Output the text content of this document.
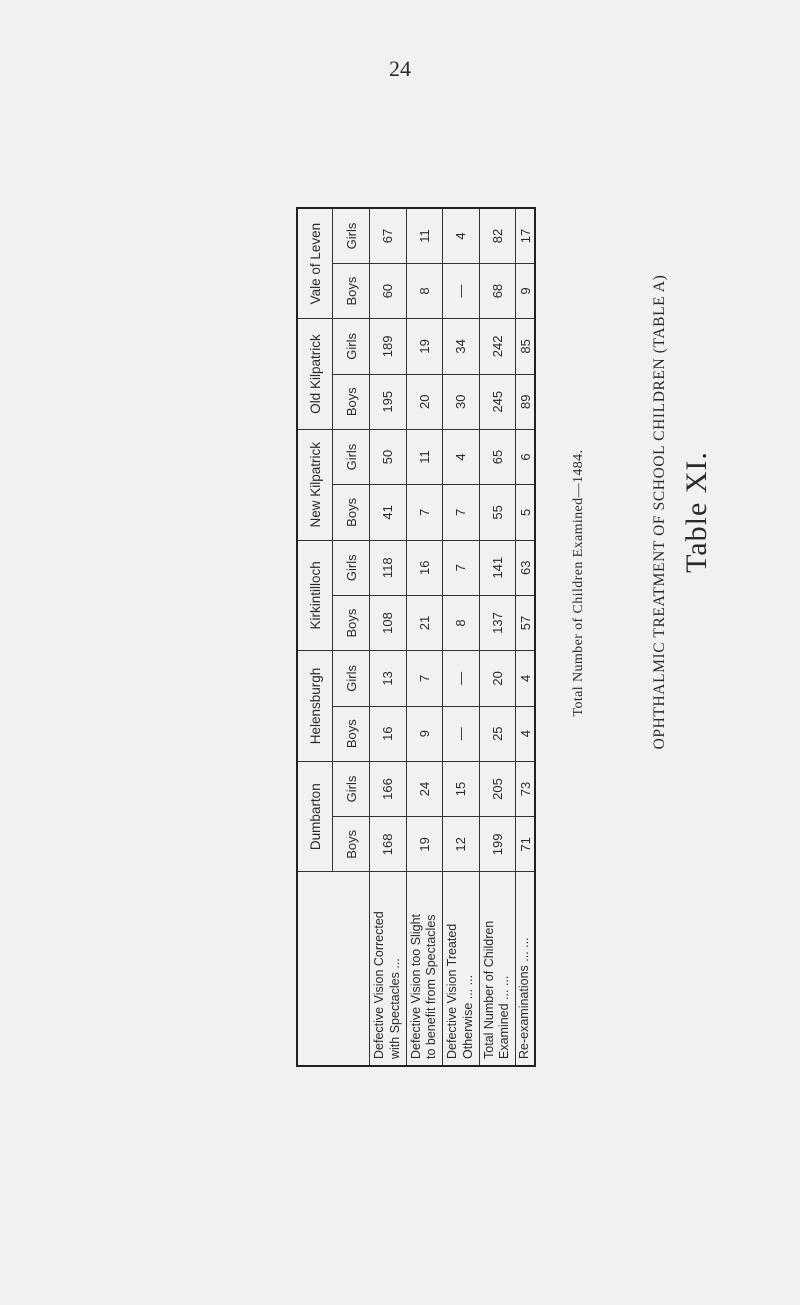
24
Table XI.
OPHTHALMIC TREATMENT OF SCHOOL CHILDREN (TABLE A)
Total Number of Children Examined—1484.
	Dumbarton		Helensburgh		Kirkintilloch		New Kilpatrick		Old Kilpatrick		Vale of Leven	
	Boys	Girls	Boys	Girls	Boys	Girls	Boys	Girls	Boys	Girls	Boys	Girls

Defective Vision Corrected with Spectacles ...	168	166	16	13	108	118	41	50	195	189	60	67

Defective Vision too Slight to benefit from Spectacles	19	24	9	7	21	16	7	11	20	19	8	11

Defective Vision Treated Otherwise ... ...	12	15	—	—	8	7	7	4	30	34	—	4

Total Number of Children Examined ... ...	199	205	25	20	137	141	55	65	245	242	68	82

Re-examinations ... ...	71	73	4	4	57	63	5	6	89	85	9	17
